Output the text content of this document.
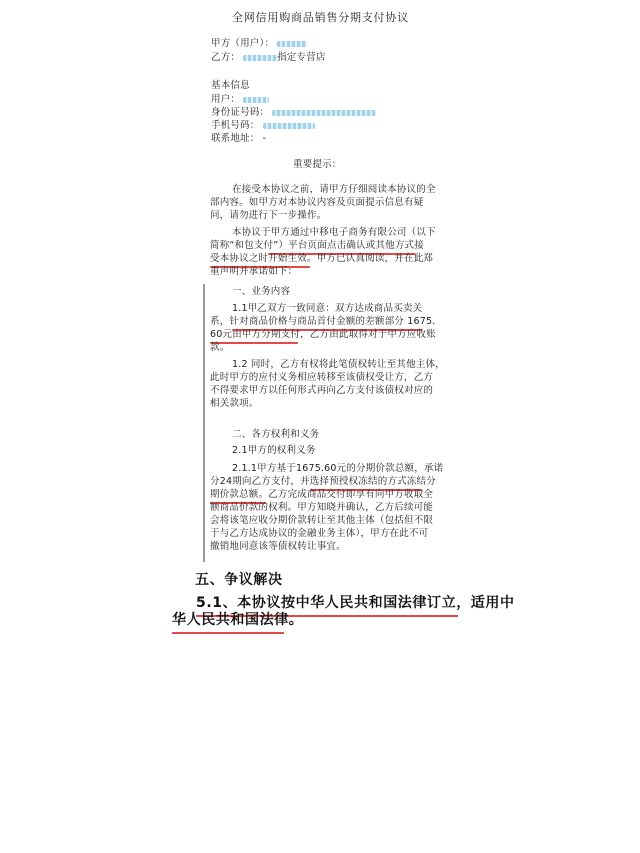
全网信用购商品销售分期支付协议
甲方（用户）：
乙方：	指定专营店
基本信息
用户：
身份证号码：
手机号码：
联系地址： -
重要提示：
在接受本协议之前，请甲方仔细阅读本协议的全
部内容。如甲方对本协议内容及页面提示信息有疑
问，请勿进行下一步操作。
本协议于甲方通过中移电子商务有限公司（以下
简称“和包支付”）平台页面点击确认或其他方式接
受本协议之时开始生效。甲方已认真阅读，并在此郑
重声明并承诺如下：
一、业务内容
1.1甲乙双方一致同意：双方达成商品买卖关
系，针对商品价格与商品首付金额的差额部分 1675.
60元由甲方分期支付，乙方由此取得对于甲方应收账
款。
1.2 同时，乙方有权将此笔债权转让至其他主体，
此时甲方的应付义务相应转移至该债权受让方，乙方
不得要求甲方以任何形式再向乙方支付该债权对应的
相关款项。
二、各方权利和义务
2.1甲方的权利义务
2.1.1甲方基于1675.60元的分期价款总额，承诺
分24期向乙方支付，并选择预授权冻结的方式冻结分
期价款总额。乙方完成商品交付即享有向甲方收取全
额商品价款的权利。甲方知晓并确认，乙方后续可能
会将该笔应收分期价款转让至其他主体（包括但不限
于与乙方达成协议的金融业务主体），甲方在此不可
撤销地同意该等债权转让事宜。
五、争议解决
5.1、本协议按中华人民共和国法律订立，适用中
华人民共和国法律。
